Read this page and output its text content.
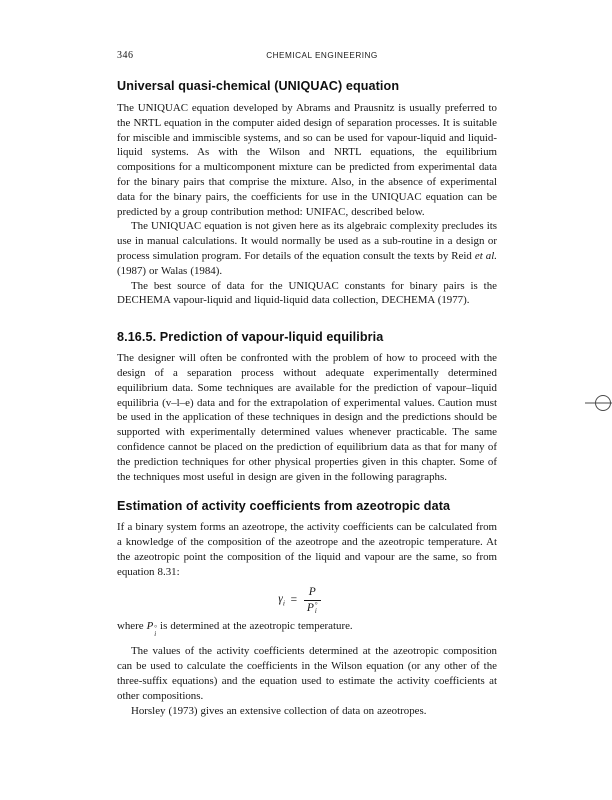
346	CHEMICAL ENGINEERING
Universal quasi-chemical (UNIQUAC) equation

The UNIQUAC equation developed by Abrams and Prausnitz is usually preferred to the NRTL equation in the computer aided design of separation processes. It is suitable for miscible and immiscible systems, and so can be used for vapour-liquid and liquid-liquid systems. As with the Wilson and NRTL equations, the equilibrium compositions for a multicomponent mixture can be predicted from experimental data for the binary pairs that comprise the mixture. Also, in the absence of experimental data for the binary pairs, the coefficients for use in the UNIQUAC equation can be predicted by a group contribution method: UNIFAC, described below.

The UNIQUAC equation is not given here as its algebraic complexity precludes its use in manual calculations. It would normally be used as a sub-routine in a design or process simulation program. For details of the equation consult the texts by Reid et al. (1987) or Walas (1984).

The best source of data for the UNIQUAC constants for binary pairs is the DECHEMA vapour-liquid and liquid-liquid data collection, DECHEMA (1977).

8.16.5. Prediction of vapour-liquid equilibria

The designer will often be confronted with the problem of how to proceed with the design of a separation process without adequate experimentally determined equilibrium data. Some techniques are available for the prediction of vapour–liquid equilibria (v–l–e) data and for the extrapolation of experimental values. Caution must be used in the application of these techniques in design and the predictions should be supported with experimentally determined values whenever practicable. The same confidence cannot be placed on the prediction of equilibrium data as that for many of the prediction techniques for other physical properties given in this chapter. Some of the techniques most useful in design are given in the following paragraphs.

Estimation of activity coefficients from azeotropic data

If a binary system forms an azeotrope, the activity coefficients can be calculated from a knowledge of the composition of the azeotrope and the azeotropic temperature. At the azeotropic point the composition of the liquid and vapour are the same, so from equation 8.31:

$\gamma_i = P$
P °
i

where P °
i
is determined at the azeotropic temperature.

The values of the activity coefficients determined at the azeotropic composition can be used to calculate the coefficients in the Wilson equation (or any other of the three-suffix equations) and the equation used to estimate the activity coefficients at other compositions.

Horsley (1973) gives an extensive collection of data on azeotropes.
